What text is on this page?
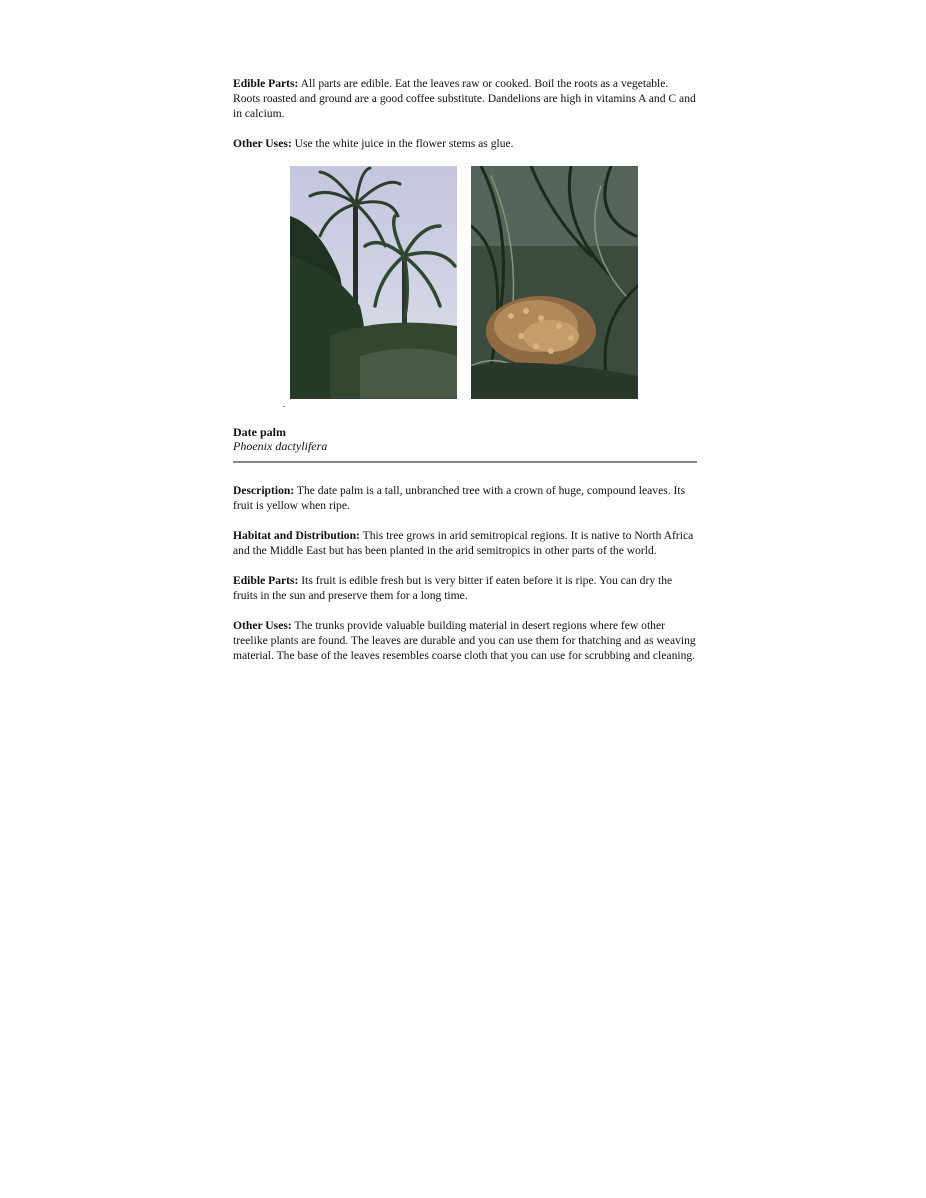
Edible Parts: All parts are edible. Eat the leaves raw or cooked. Boil the roots as a vegetable. Roots roasted and ground are a good coffee substitute. Dandelions are high in vitamins A and C and in calcium.

Other Uses: Use the white juice in the flower stems as glue.

Date palm

Phoenix dactylifera

Description: The date palm is a tall, unbranched tree with a crown of huge, compound leaves. Its fruit is yellow when ripe.

Habitat and Distribution: This tree grows in arid semitropical regions. It is native to North Africa and the Middle East but has been planted in the arid semitropics in other parts of the world.

Edible Parts: Its fruit is edible fresh but is very bitter if eaten before it is ripe. You can dry the fruits in the sun and preserve them for a long time.

Other Uses: The trunks provide valuable building material in desert regions where few other treelike plants are found. The leaves are durable and you can use them for thatching and as weaving material. The base of the leaves resembles coarse cloth that you can use for scrubbing and cleaning.
